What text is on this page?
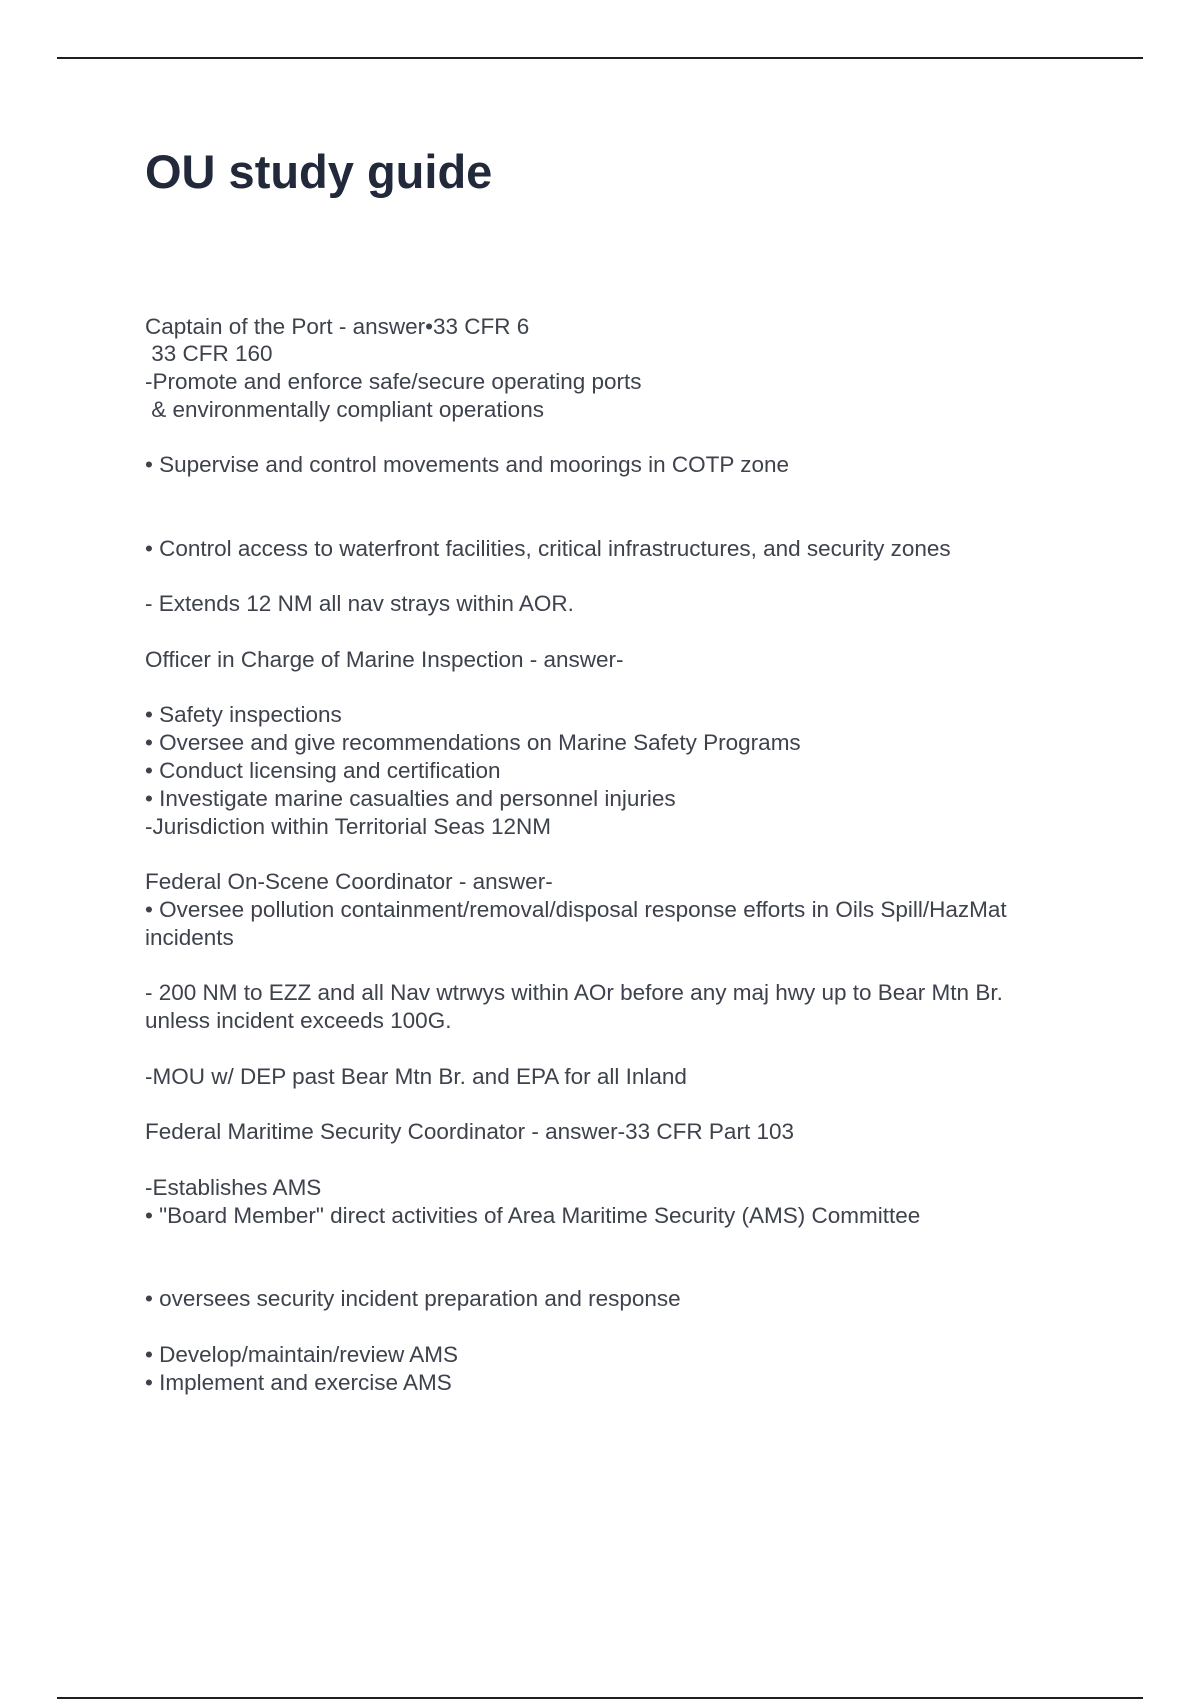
OU study guide

Captain of the Port - answer•33 CFR 6

33 CFR 160

-Promote and enforce safe/secure operating ports

& environmentally compliant operations

• Supervise and control movements and moorings in COTP zone

• Control access to waterfront facilities, critical infrastructures, and security zones

- Extends 12 NM all nav strays within AOR.

Officer in Charge of Marine Inspection - answer-

• Safety inspections

• Oversee and give recommendations on Marine Safety Programs

• Conduct licensing and certification

• Investigate marine casualties and personnel injuries

-Jurisdiction within Territorial Seas 12NM

Federal On-Scene Coordinator - answer-

• Oversee pollution containment/removal/disposal response efforts in Oils Spill/HazMat

incidents

- 200 NM to EZZ and all Nav wtrwys within AOr before any maj hwy up to Bear Mtn Br.

unless incident exceeds 100G.

-MOU w/ DEP past Bear Mtn Br. and EPA for all Inland

Federal Maritime Security Coordinator - answer-33 CFR Part 103

-Establishes AMS

• "Board Member" direct activities of Area Maritime Security (AMS) Committee

• oversees security incident preparation and response

• Develop/maintain/review AMS

• Implement and exercise AMS
